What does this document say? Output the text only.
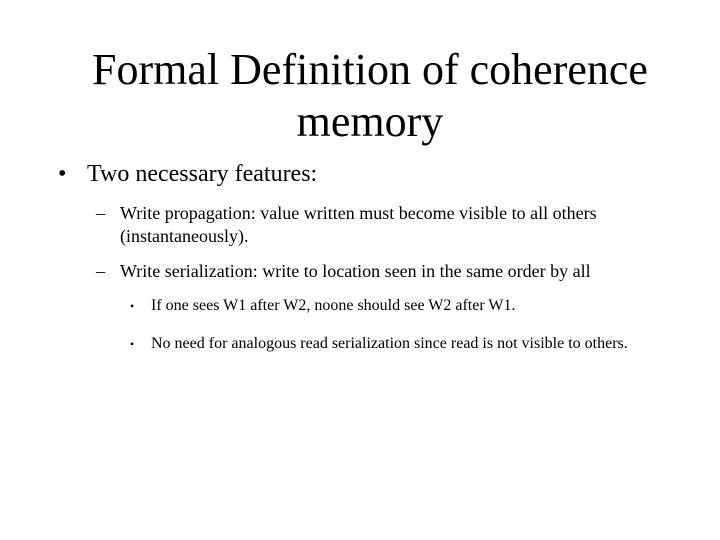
Formal Definition of coherence
memory
• Two necessary features:
– Write propagation: value written must become visible to all others (instantaneously).
– Write serialization: write to location seen in the same order by all
• If one sees W1 after W2, noone should see W2 after W1.
• No need for analogous read serialization since read is not visible to others.
